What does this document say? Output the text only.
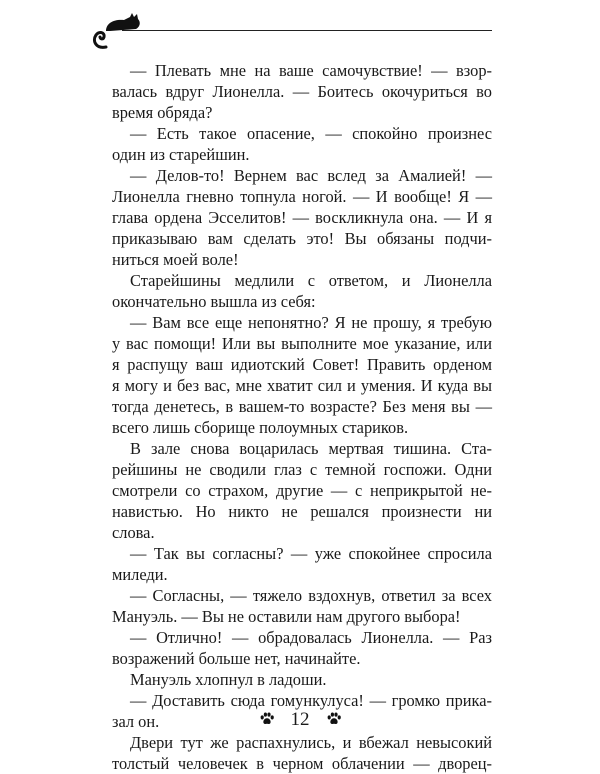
— Плевать мне на ваше самочувствие! — взор-

валась вдруг Лионелла. — Боитесь окочуриться во

время обряда?

— Есть такое опасение, — спокойно произнес

один из старейшин.

— Делов-то! Вернем вас вслед за Амалией! —

Лионелла гневно топнула ногой. — И вообще! Я —

глава ордена Эсселитов! — воскликнула она. — И я

приказываю вам сделать это! Вы обязаны подчи-

ниться моей воле!

Старейшины медлили с ответом, и Лионелла

окончательно вышла из себя:

— Вам все еще непонятно? Я не прошу, я требую

у вас помощи! Или вы выполните мое указание, или

я распущу ваш идиотский Совет! Править орденом

я могу и без вас, мне хватит сил и умения. И куда вы

тогда денетесь, в вашем-то возрасте? Без меня вы —

всего лишь сборище полоумных стариков.

В зале снова воцарилась мертвая тишина. Ста-

рейшины не сводили глаз с темной госпожи. Одни

смотрели со страхом, другие — с неприкрытой не-

навистью. Но никто не решался произнести ни

слова.

— Так вы согласны? — уже спокойнее спросила

миледи.

— Согласны, — тяжело вздохнув, ответил за всех

Мануэль. — Вы не оставили нам другого выбора!

— Отлично! — обрадовалась Лионелла. — Раз

возражений больше нет, начинайте.

Мануэль хлопнул в ладоши.

— Доставить сюда гомункулуса! — громко прика-

зал он.

Двери тут же распахнулись, и вбежал невысокий

толстый человечек в черном облачении — дворец-

12
